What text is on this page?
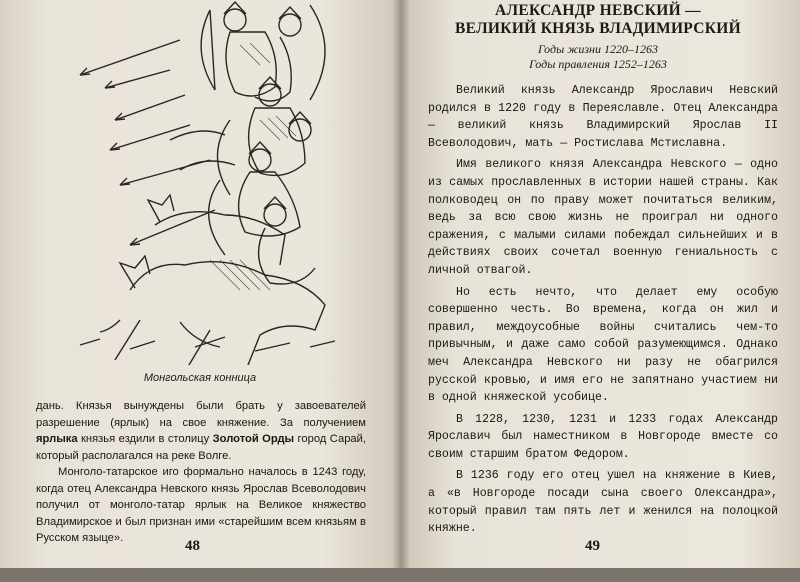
Монгольская конница

дань. Князья вынуждены были брать у завоевателей разрешение (ярлык) на свое княжение. За получением ярлыка князья ездили в столицу Золотой Орды город Сарай, который располагался на реке Волге.

Монголо-татарское иго формально началось в 1243 году, когда отец Александра Невского князь Ярослав Всеволодович получил от монголо-татар ярлык на Великое княжество Владимирское и был признан ими «старейшим всем князьям в Русском языце».	48
АЛЕКСАНДР НЕВСКИЙ —
ВЕЛИКИЙ КНЯЗЬ ВЛАДИМИРСКИЙ
Годы жизни 1220–1263
Годы правления 1252–1263

Великий князь Александр Ярославич Невский родился в 1220 году в Переяславле. Отец Александра — великий князь Владимирский Ярослав II Всеволодович, мать — Ростислава Мстиславна.

Имя великого князя Александра Невского — одно из самых прославленных в истории нашей страны. Как полководец он по праву может почитаться великим, ведь за всю свою жизнь не проиграл ни одного сражения, с малыми силами побеждал сильнейших и в действиях своих сочетал военную гениальность с личной отвагой.

Но есть нечто, что делает ему особую совершенно честь. Во времена, когда он жил и правил, междоусобные войны считались чем-то привычным, и даже само собой разумеющимся. Однако меч Александра Невского ни разу не обагрился русской кровью, и имя его не запятнано участием ни в одной княжеской усобице.

В 1228, 1230, 1231 и 1233 годах Александр Ярославич был наместником в Новгороде вместе со своим старшим братом Федором.

В 1236 году его отец ушел на княжение в Киев, а «в Новгороде посади сына своего Олександра», который правил там пять лет и женился на полоцкой княжне.

49
